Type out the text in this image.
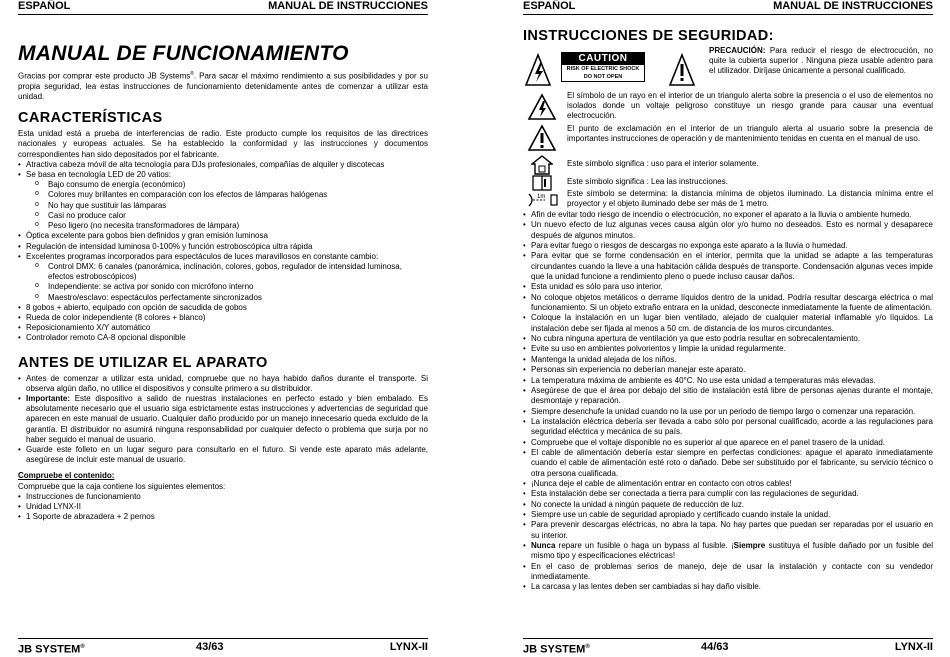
ESPAÑOL	MANUAL DE INSTRUCCIONES
MANUAL DE FUNCIONAMIENTO

Gracias por comprar este producto JB Systems®. Para sacar el máximo rendimiento a sus posibilidades y por su propia seguridad, lea estas instrucciones de funcionamiento detenidamente antes de comenzar a utilizar esta unidad.

CARACTERÍSTICAS

Esta unidad está a prueba de interferencias de radio. Este producto cumple los requisitos de las directrices nacionales y europeas actuales. Se ha establecido la conformidad y las instrucciones y documentos correspondientes han sido depositados por el fabricante.

• Atractiva cabeza móvil de alta tecnología para DJs profesionales, compañías de alquiler y discotecas
• Se basa en tecnología LED de 20 vatios:
o Bajo consumo de energía (económico)
o Colores muy brillantes en comparación con los efectos de lámparas halógenas
o No hay que sustituir las lámparas
o Casi no produce calor
o Peso ligero (no necesita transformadores de lámpara)
• Óptica excelente para gobos bien definidos y gran emisión luminosa
• Regulación de intensidad luminosa 0-100% y función estroboscópica ultra rápida
• Excelentes programas incorporados para espectáculos de luces maravillosos en constante cambio:
o Control DMX: 6 canales (panorámica, inclinación, colores, gobos, regulador de intensidad luminosa, efectos estroboscópicos)
o Independiente: se activa por sonido con micrófono interno
o Maestro/esclavo: espectáculos perfectamente sincronizados
• 8 gobos + abierto, equipado con opción de sacudida de gobos
• Rueda de color independiente (8 colores + blanco)
• Reposicionamiento X/Y automático
• Controlador remoto CA-8 opcional disponible
ANTES DE UTILIZAR EL APARATO
• Antes de comenzar a utilizar esta unidad, compruebe que no haya habido daños durante el transporte. Si observa algún daño, no utilice el dispositivos y consulte primero a su distribuidor.
• Importante: Este dispositivo a salido de nuestras instalaciones en perfecto estado y bien embalado. Es absolutamente necesario que el usuario siga estrictamente estas instrucciones y advertencias de seguridad que aparecen en este manual de usuario. Cualquier daño producido por un manejo innecesario queda excluido de la garantía. El distribuidor no asumirá ninguna responsabilidad por cualquier defecto o problema que surja por no haber seguido el manual de usuario.
• Guarde este folleto en un lugar seguro para consultarlo en el futuro. Si vende este aparato más adelante, asegúrese de incluir este manual de usuario.

Compruebe el contenido:

Compruebe que la caja contiene los siguientes elementos:

• Instrucciones de funcionamiento
• Unidad LYNX-II
• 1 Soporte de abrazadera + 2 pernos
JB SYSTEM®	43/63	LYNX-II
ESPAÑOL	MANUAL DE INSTRUCCIONES
INSTRUCCIONES DE SEGURIDAD:
CAUTION
RISK OF ELECTRIC SHOCK
DO NOT OPEN

PRECAUCIÓN: Para reducir el riesgo de electrocución, no quite la cubierta superior . Ninguna pieza usable adentro para el utilizador. Diríjase únicamente a personal cualificado.

El símbolo de un rayo en el interior de un triangulo alerta sobre la presencia o el uso de elementos no isolados donde un voltaje peligroso constituye un riesgo grande para causar una eventual electrocución.

El punto de exclamación en el interior de un triangulo alerta al usuario sobre la presencia de importantes instrucciones de operación y de mantenimiento tenidas en cuenta en el manual de uso.

Este símbolo significa : uso para el interior solamente.

Este símbolo significa : Lea las instrucciones.

1m	Este símbolo se determina: la distancia mínima de objetos iluminado. La distancia mínima entre el proyector y el objeto iluminado debe ser más de 1 metro.

• Afin de evitar todo riesgo de incendio o electrocución, no exponer el aparato a la lluvia o ambiente humedo.
• Un nuevo efecto de luz algunas veces causa algún olor y/o humo no deseados. Esto es normal y desaparece después de algunos minutos.
• Para evitar fuego o riesgos de descargas no exponga este aparato a la lluvia o humedad.
• Para evitar que se forme condensación en el interior, permita que la unidad se adapte a las temperaturas circundantes cuando la lleve a una habitación cálida después de transporte. Condensación algunas veces impide que la unidad funcione a rendimiento pleno o puede incluso causar daños.
• Esta unidad es sólo para uso interior.
• No coloque objetos metálicos o derrame líquidos dentro de la unidad. Podría resultar descarga eléctrica o mal funcionamiento. Si un objeto extraño entrara en la unidad, desconecte inmediatamente la fuente de alimentación.
• Coloque la instalación en un lugar bien ventilado, alejado de cualquier material inflamable y/o líquidos. La instalación debe ser fijada al menos a 50 cm. de distancia de los muros circundantes.
• No cubra ninguna apertura de ventilación ya que esto podría resultar en sobrecalentamiento.
• Evite su uso en ambientes polvorientos y limpie la unidad regularmente.
• Mantenga la unidad alejada de los niños.
• Personas sin experiencia no deberían manejar este aparato.
• La temperatura máxima de ambiente es 40°C. No use esta unidad a temperaturas más elevadas.
• Asegúrese de que el área por debajo del sitio de instalación está libre de personas ajenas durante el montaje, desmontaje y reparación.
• Siempre desenchufe la unidad cuando no la use por un periodo de tiempo largo o comenzar una reparación.
• La instalación eléctrica debería ser llevada a cabo sólo por personal cualificado, acorde a las regulaciones para seguridad eléctrica y mecánica de su país.
• Compruebe que el voltaje disponible no es superior al que aparece en el panel trasero de la unidad.
• El cable de alimentación debería estar siempre en perfectas condiciones: apague el aparato inmediatamente cuando el cable de alimentación esté roto o dañado. Debe ser substituido por el fabricante, su servicio técnico o otra persona cualificada.
• ¡Nunca deje el cable de alimentación entrar en contacto con otros cables!
• Esta instalación debe ser conectada a tierra para cumplir con las regulaciones de seguridad.
• No conecte la unidad a ningún paquete de reducción de luz.
• Siempre use un cable de seguridad apropiado y certificado cuando instale la unidad.
• Para prevenir descargas eléctricas, no abra la tapa. No hay partes que puedan ser reparadas por el usuario en su interior.
• Nunca repare un fusible o haga un bypass al fusible. ¡Siempre sustituya el fusible dañado por un fusible del mismo tipo y especificaciones eléctricas!
• En el caso de problemas serios de manejo, deje de usar la instalación y contacte con su vendedor inmediatamente.
• La carcasa y las lentes deben ser cambiadas si hay daño visible.
JB SYSTEM®	44/63	LYNX-II
